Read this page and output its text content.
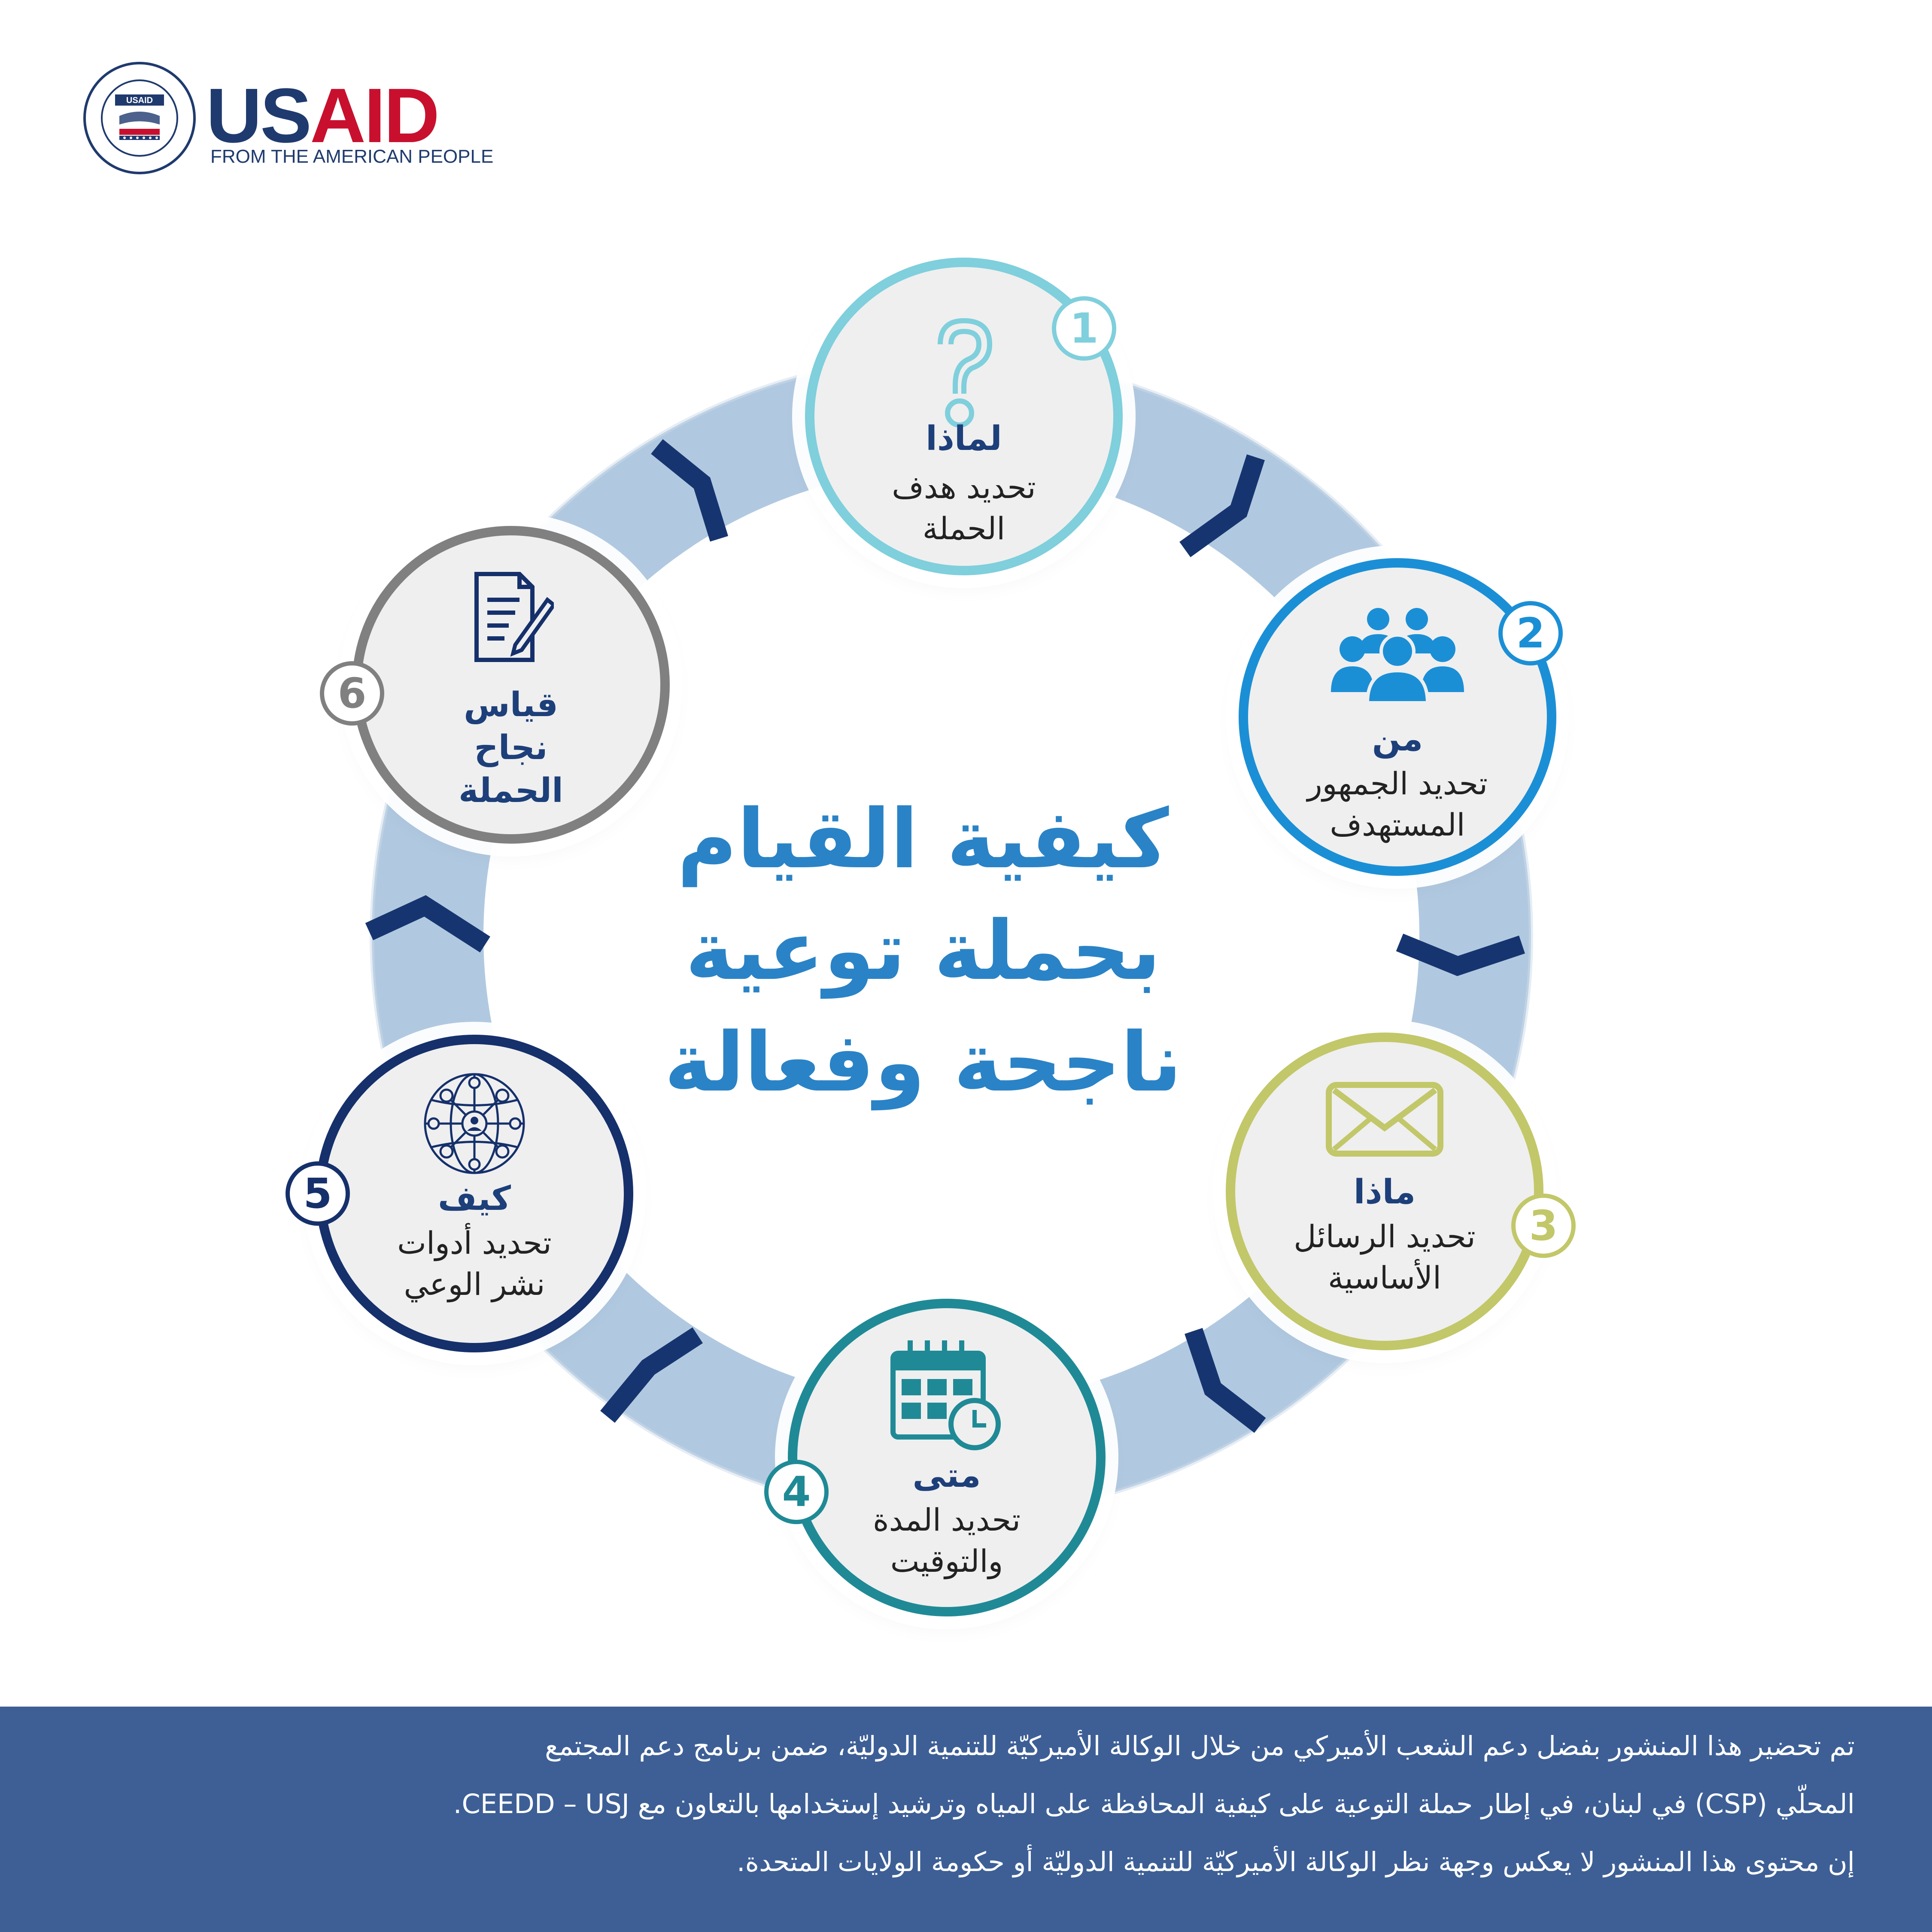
USAID USAID
FROM THE AMERICAN PEOPLE
كيفية القيام
بحملة توعية
ناجحة وفعالة
لماذا
تحديد هدف
الحملة
1
من
تحديد الجمهور
المستهدف
2
ماذا
تحديد الرسائل
الأساسية
3
متى
تحديد المدة
والتوقيت
4
كيف
تحديد أدوات
نشر الوعي
5
قياس
نجاح
الحملة
6
تم تحضير هذا المنشور بفضل دعم الشعب الأميركي من خلال الوكالة الأميركيّة للتنمية الدوليّة، ضمن برنامج دعم المجتمع
المحلّي (CSP) في لبنان، في إطار حملة التوعية على كيفية المحافظة على المياه وترشيد إستخدامها بالتعاون مع CEEDD – USJ.
إن محتوى هذا المنشور لا يعكس وجهة نظر الوكالة الأميركيّة للتنمية الدوليّة أو حكومة الولايات المتحدة.
